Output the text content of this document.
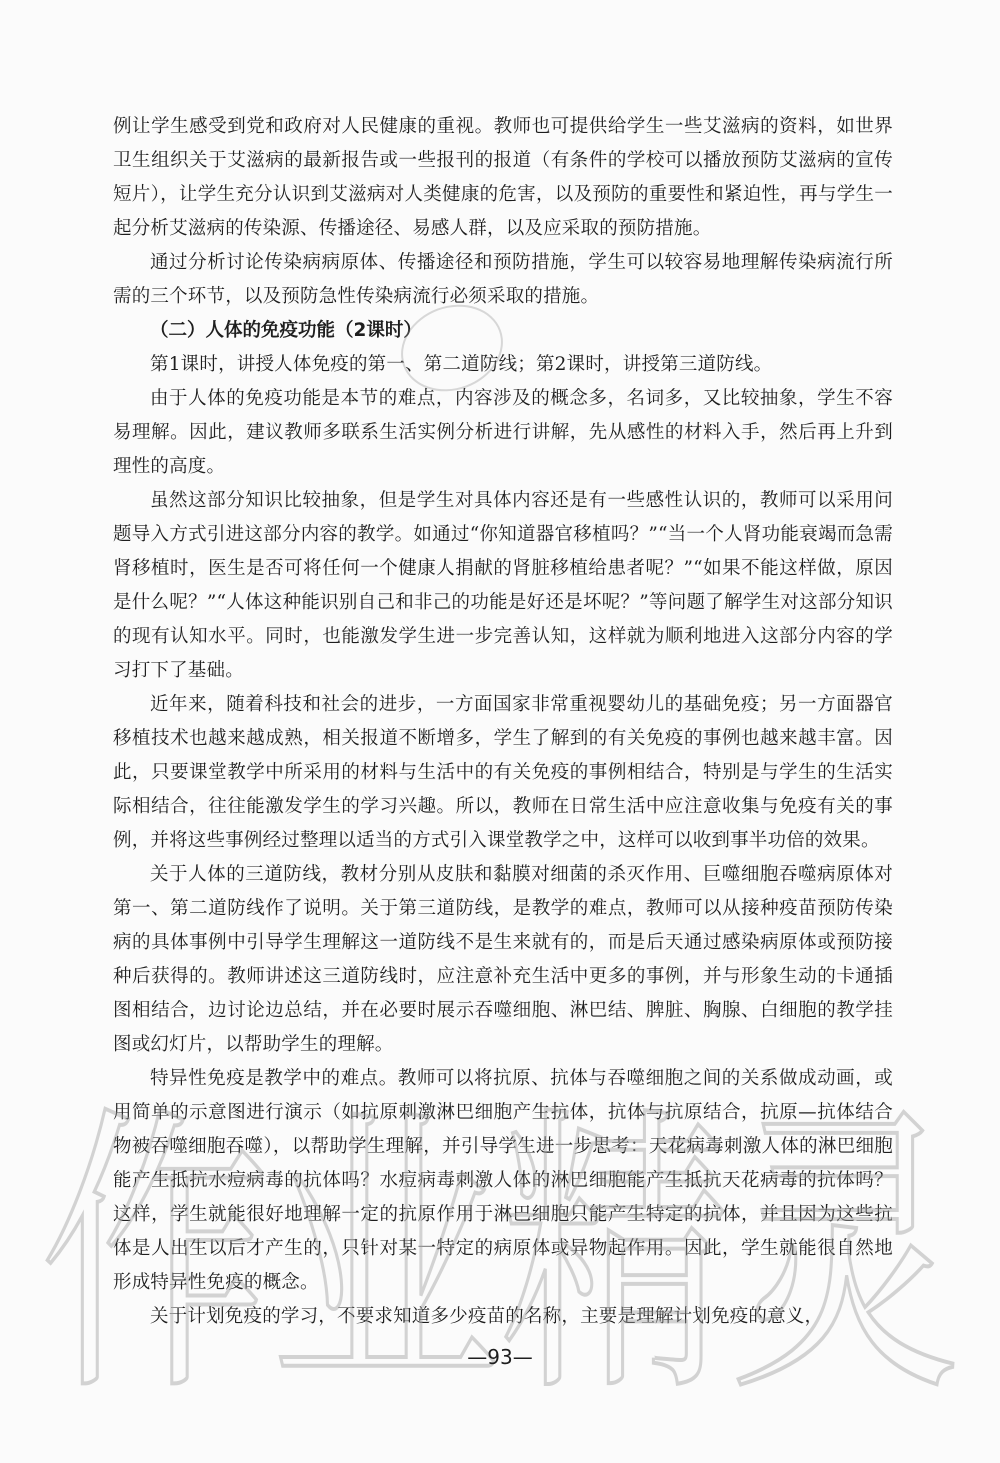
例让学生感受到党和政府对人民健康的重视。教师也可提供给学生一些艾滋病的资料，如世界卫生组织关于艾滋病的最新报告或一些报刊的报道（有条件的学校可以播放预防艾滋病的宣传短片），让学生充分认识到艾滋病对人类健康的危害，以及预防的重要性和紧迫性，再与学生一起分析艾滋病的传染源、传播途径、易感人群，以及应采取的预防措施。

通过分析讨论传染病病原体、传播途径和预防措施，学生可以较容易地理解传染病流行所需的三个环节，以及预防急性传染病流行必须采取的措施。

（二）人体的免疫功能（2课时）

第1课时，讲授人体免疫的第一、第二道防线；第2课时，讲授第三道防线。

由于人体的免疫功能是本节的难点，内容涉及的概念多，名词多，又比较抽象，学生不容易理解。因此，建议教师多联系生活实例分析进行讲解，先从感性的材料入手，然后再上升到理性的高度。

虽然这部分知识比较抽象，但是学生对具体内容还是有一些感性认识的，教师可以采用问题导入方式引进这部分内容的教学。如通过“你知道器官移植吗？”“当一个人肾功能衰竭而急需肾移植时，医生是否可将任何一个健康人捐献的肾脏移植给患者呢？”“如果不能这样做，原因是什么呢？”“人体这种能识别自己和非己的功能是好还是坏呢？”等问题了解学生对这部分知识的现有认知水平。同时，也能激发学生进一步完善认知，这样就为顺利地进入这部分内容的学习打下了基础。

近年来，随着科技和社会的进步，一方面国家非常重视婴幼儿的基础免疫；另一方面器官移植技术也越来越成熟，相关报道不断增多，学生了解到的有关免疫的事例也越来越丰富。因此，只要课堂教学中所采用的材料与生活中的有关免疫的事例相结合，特别是与学生的生活实际相结合，往往能激发学生的学习兴趣。所以，教师在日常生活中应注意收集与免疫有关的事例，并将这些事例经过整理以适当的方式引入课堂教学之中，这样可以收到事半功倍的效果。

关于人体的三道防线，教材分别从皮肤和黏膜对细菌的杀灭作用、巨噬细胞吞噬病原体对第一、第二道防线作了说明。关于第三道防线，是教学的难点，教师可以从接种疫苗预防传染病的具体事例中引导学生理解这一道防线不是生来就有的，而是后天通过感染病原体或预防接种后获得的。教师讲述这三道防线时，应注意补充生活中更多的事例，并与形象生动的卡通插图相结合，边讨论边总结，并在必要时展示吞噬细胞、淋巴结、脾脏、胸腺、白细胞的教学挂图或幻灯片，以帮助学生的理解。

特异性免疫是教学中的难点。教师可以将抗原、抗体与吞噬细胞之间的关系做成动画，或用简单的示意图进行演示（如抗原刺激淋巴细胞产生抗体，抗体与抗原结合，抗原—抗体结合物被吞噬细胞吞噬），以帮助学生理解，并引导学生进一步思考：天花病毒刺激人体的淋巴细胞能产生抵抗水痘病毒的抗体吗？水痘病毒刺激人体的淋巴细胞能产生抵抗天花病毒的抗体吗？这样，学生就能很好地理解一定的抗原作用于淋巴细胞只能产生特定的抗体，并且因为这些抗体是人出生以后才产生的，只针对某一特定的病原体或异物起作用。因此，学生就能很自然地形成特异性免疫的概念。

关于计划免疫的学习，不要求知道多少疫苗的名称，主要是理解计划免疫的意义，

作业精灵
—93—
